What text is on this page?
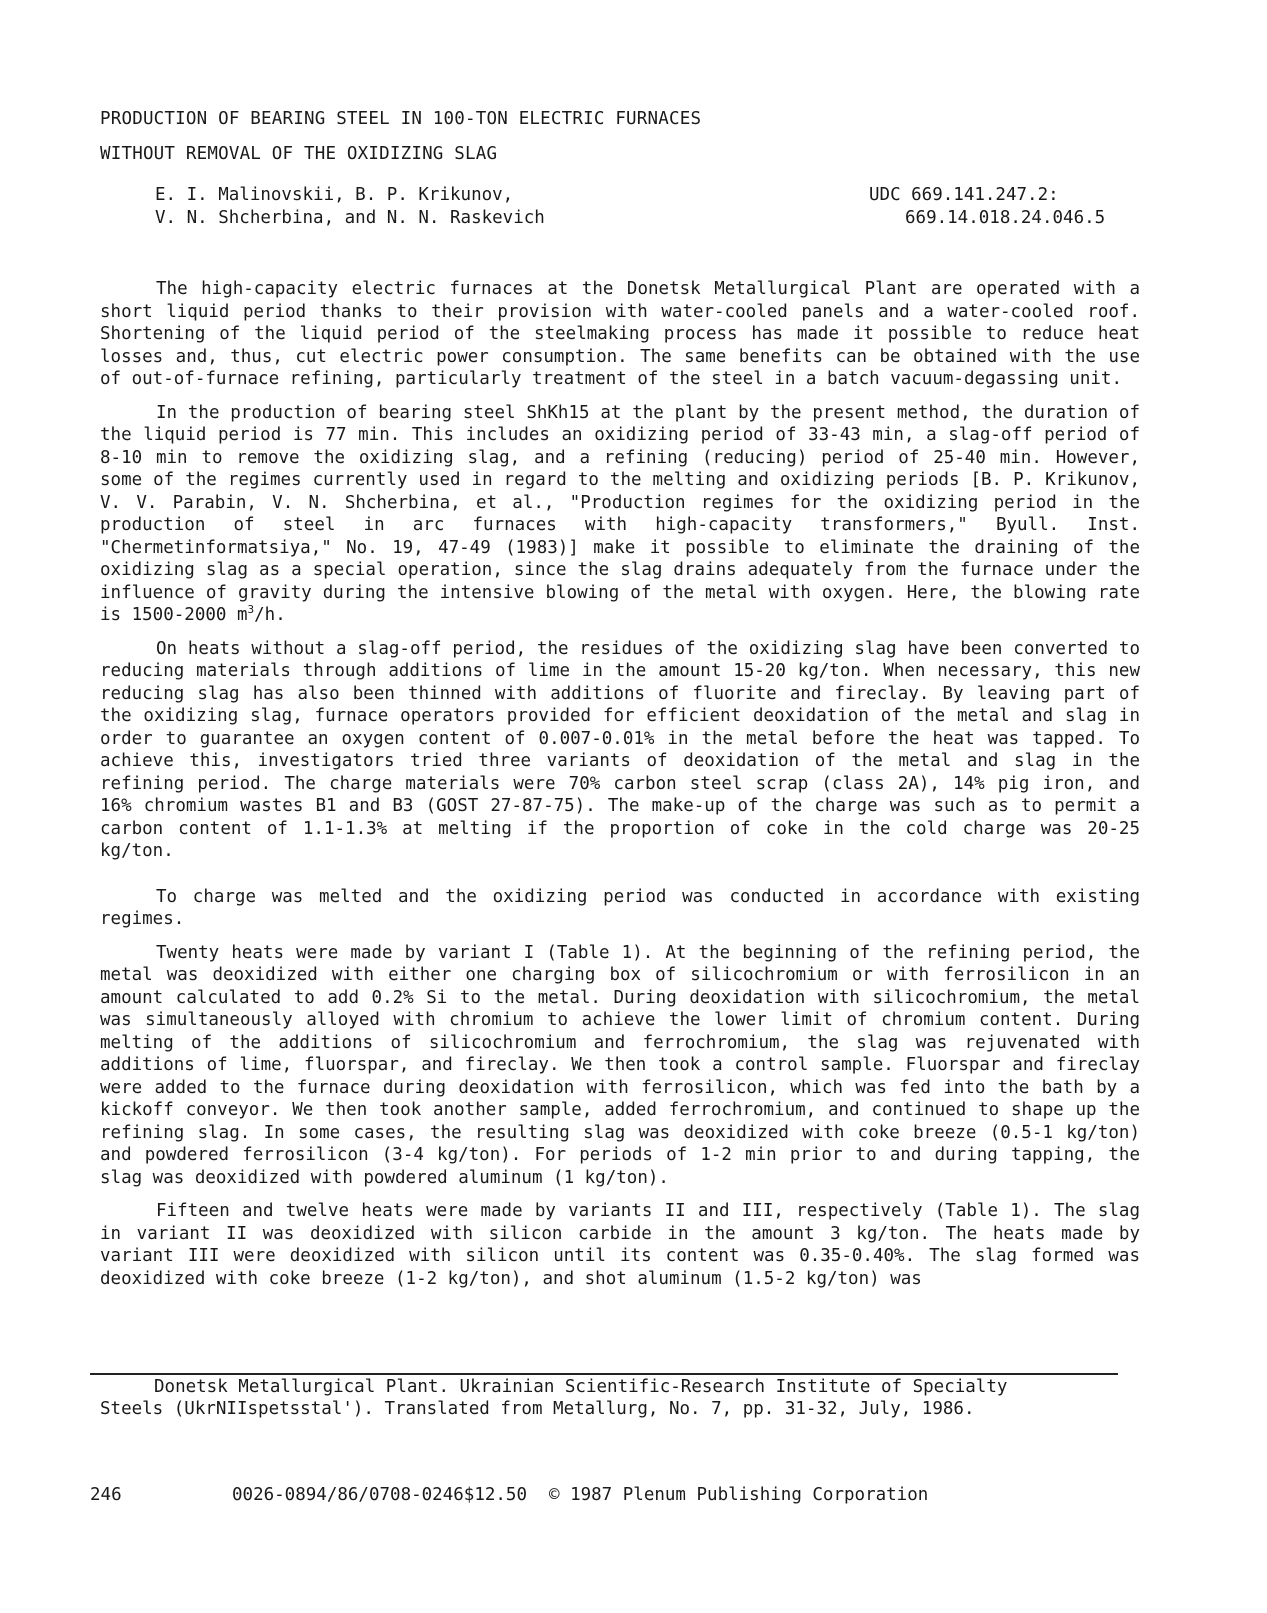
PRODUCTION OF BEARING STEEL IN 100-TON ELECTRIC FURNACES
WITHOUT REMOVAL OF THE OXIDIZING SLAG
E. I. Malinovskii, B. P. Krikunov,
V. N. Shcherbina, and N. N. Raskevich
UDC 669.141.247.2:
669.14.018.24.046.5

The high-capacity electric furnaces at the Donetsk Metallurgical Plant are operated with a short liquid period thanks to their provision with water-cooled panels and a water-cooled roof. Shortening of the liquid period of the steelmaking process has made it possible to reduce heat losses and, thus, cut electric power consumption. The same benefits can be obtained with the use of out-of-furnace refining, particularly treatment of the steel in a batch vacuum-degassing unit.

In the production of bearing steel ShKh15 at the plant by the present method, the duration of the liquid period is 77 min. This includes an oxidizing period of 33-43 min, a slag-off period of 8-10 min to remove the oxidizing slag, and a refining (reducing) period of 25-40 min. However, some of the regimes currently used in regard to the melting and oxidizing periods [B. P. Krikunov, V. V. Parabin, V. N. Shcherbina, et al., "Production regimes for the oxidizing period in the production of steel in arc furnaces with high-capacity transformers," Byull. Inst. "Chermetinformatsiya," No. 19, 47-49 (1983)] make it possible to eliminate the draining of the oxidizing slag as a special operation, since the slag drains adequately from the furnace under the influence of gravity during the intensive blowing of the metal with oxygen. Here, the blowing rate is 1500-2000 $m^3/h$.

On heats without a slag-off period, the residues of the oxidizing slag have been converted to reducing materials through additions of lime in the amount 15-20 kg/ton. When necessary, this new reducing slag has also been thinned with additions of fluorite and fireclay. By leaving part of the oxidizing slag, furnace operators provided for efficient deoxidation of the metal and slag in order to guarantee an oxygen content of 0.007-0.01% in the metal before the heat was tapped. To achieve this, investigators tried three variants of deoxidation of the metal and slag in the refining period. The charge materials were 70% carbon steel scrap (class 2A), 14% pig iron, and 16% chromium wastes B1 and B3 (GOST 27-87-75). The make-up of the charge was such as to permit a carbon content of 1.1-1.3% at melting if the proportion of coke in the cold charge was 20-25 kg/ton.

To charge was melted and the oxidizing period was conducted in accordance with existing regimes.

Twenty heats were made by variant I (Table 1). At the beginning of the refining period, the metal was deoxidized with either one charging box of silicochromium or with ferrosilicon in an amount calculated to add 0.2% Si to the metal. During deoxidation with silicochromium, the metal was simultaneously alloyed with chromium to achieve the lower limit of chromium content. During melting of the additions of silicochromium and ferrochromium, the slag was rejuvenated with additions of lime, fluorspar, and fireclay. We then took a control sample. Fluorspar and fireclay were added to the furnace during deoxidation with ferrosilicon, which was fed into the bath by a kickoff conveyor. We then took another sample, added ferrochromium, and continued to shape up the refining slag. In some cases, the resulting slag was deoxidized with coke breeze (0.5-1 kg/ton) and powdered ferrosilicon (3-4 kg/ton). For periods of 1-2 min prior to and during tapping, the slag was deoxidized with powdered aluminum (1 kg/ton).

Fifteen and twelve heats were made by variants II and III, respectively (Table 1). The slag in variant II was deoxidized with silicon carbide in the amount 3 kg/ton. The heats made by variant III were deoxidized with silicon until its content was 0.35-0.40%. The slag formed was deoxidized with coke breeze (1-2 kg/ton), and shot aluminum (1.5-2 kg/ton) was

Donetsk Metallurgical Plant. Ukrainian Scientific-Research Institute of Specialty
Steels (UkrNIIspetsstal'). Translated from Metallurg, No. 7, pp. 31-32, July, 1986.
246	0026-0894/86/0708-0246$12.50 © 1987 Plenum Publishing Corporation
